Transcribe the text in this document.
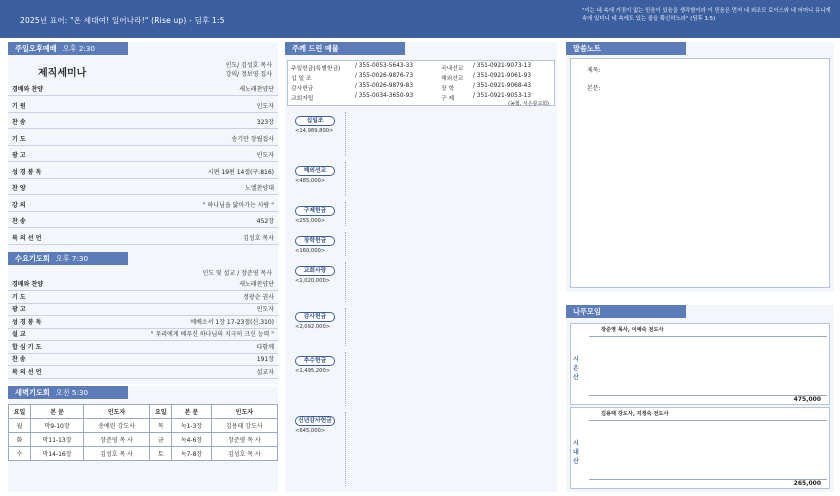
2025년 표어: "온 세대여! 일어나라!" (Rise up) - 딤후 1:5
"이는 네 속에 거짓이 없는 믿음이 있음을 생각함이라 이 믿음은 먼저 네 외조모 로이스와 네 어머니 유니게 속에 있더니 네 속에도 있는 줄을 확신하노라" (딤후 1:5)
주일오후예배 오후 2:30
제직세미나
인도/ 김성호 목사
강의/ 정보영 집사
경배와 찬양	새노래찬양단
기 원	인도자
찬 송	323장
기 도	송기만 장립집사
광 고	인도자
성 경 봉 독	시편 19편 14절(구.816)
찬 양	노엘찬양대
강 의	" 하나님을 닮아가는 사람 "
찬 송	452장
복 의 선 언	김성호 목사
수요기도회 오후 7:30
인도 및 설교 / 장준영 목사
경배와 찬양	새노래찬양단
기 도	정광순 권사
광 고	인도자
성 경 봉 독	에베소서 1장 17-23절(신.310)
설 교	" 우리에게 베푸신 하나님의 지극히 크신 능력 "
합 심 기 도	다함께
찬 송	191장
복 의 선 언	설교자
새벽기도회 오전 5:30
요일	본 문	인도자	요일	본 문	인도자
월	막9-10장	송예린 강도사	목	녹1-3장	김용태 강도사
화	막11-13장	장준영 목 사	금	녹4-6장	장준영 목 사
수	막14-16장	김성호 목 사	토	녹7-8장	김성호 목 사
주께 드린 예물
주일헌금(특별헌금)	/ 355-0053-5643-33	국내선교 / 351-0921-9073-13
십 일 조	/ 355-0026-9876-73	해외선교 / 351-0921-9061-93
감사헌금	/ 355-0026-9879-83	장 학	/ 351-0921-9068-43
교회자립	/ 355-0034-3650-93	구 제	/ 351-0921-9053-13
(농협, 서은광교회)
십일조
<14,989,800>
해외선교
<485,000>
구제헌금
<255,000>
장학헌금
<160,000>
교회사랑
<1,020,000>
감사헌금
<2,092,000>
추수헌금
<1,495,200>
신년감사헌금
<645,000>
말씀노트
제목:
본문:
나무모임
장준영 목사, 이예숙 전도사
시온산
475,000
김용태 강도사, 지정숙 전도사
시내산
265,000
